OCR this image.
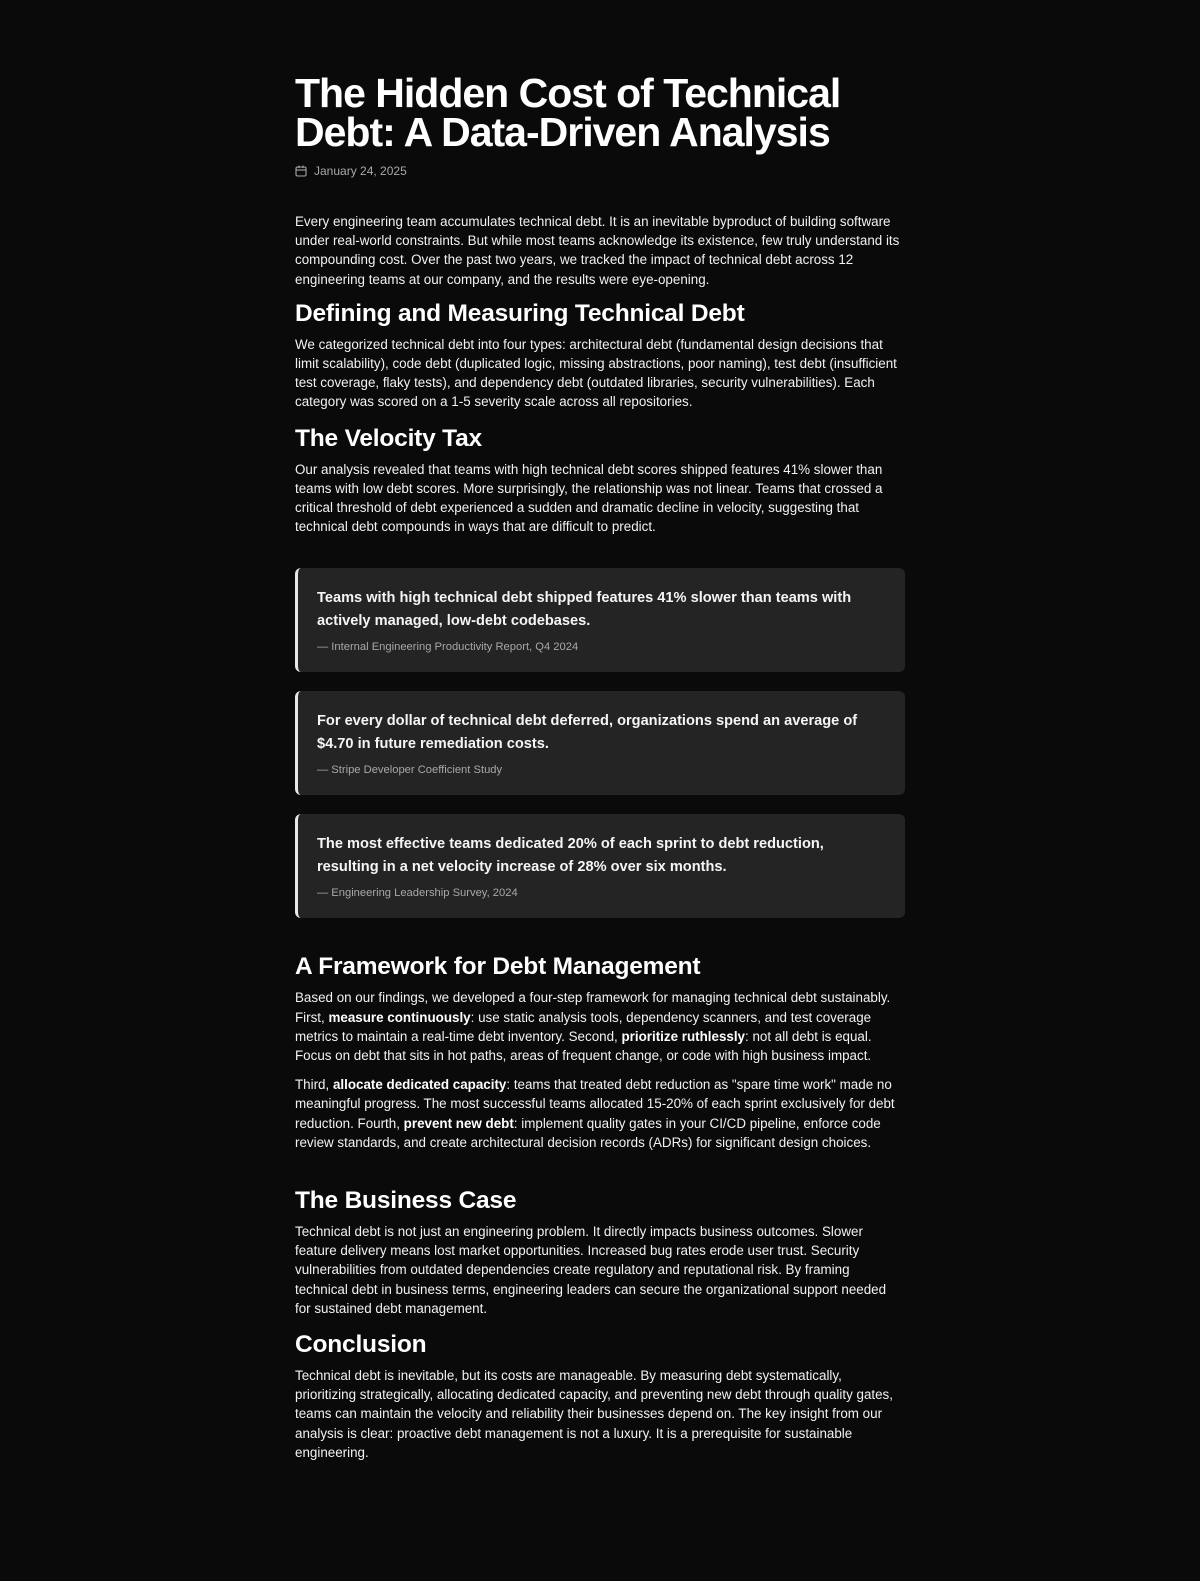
The Hidden Cost of Technical Debt: A Data-Driven Analysis
January 24, 2025

Every engineering team accumulates technical debt. It is an inevitable byproduct of building software under real-world constraints. But while most teams acknowledge its existence, few truly understand its compounding cost. Over the past two years, we tracked the impact of technical debt across 12 engineering teams at our company, and the results were eye-opening.

Defining and Measuring Technical Debt

We categorized technical debt into four types: architectural debt (fundamental design decisions that limit scalability), code debt (duplicated logic, missing abstractions, poor naming), test debt (insufficient test coverage, flaky tests), and dependency debt (outdated libraries, security vulnerabilities). Each category was scored on a 1-5 severity scale across all repositories.

The Velocity Tax

Our analysis revealed that teams with high technical debt scores shipped features 41% slower than teams with low debt scores. More surprisingly, the relationship was not linear. Teams that crossed a critical threshold of debt experienced a sudden and dramatic decline in velocity, suggesting that technical debt compounds in ways that are difficult to predict.

Teams with high technical debt shipped features 41% slower than teams with actively managed, low-debt codebases.
— Internal Engineering Productivity Report, Q4 2024
For every dollar of technical debt deferred, organizations spend an average of $4.70 in future remediation costs.
— Stripe Developer Coefficient Study
The most effective teams dedicated 20% of each sprint to debt reduction, resulting in a net velocity increase of 28% over six months.
— Engineering Leadership Survey, 2024
A Framework for Debt Management

Based on our findings, we developed a four-step framework for managing technical debt sustainably. First, measure continuously: use static analysis tools, dependency scanners, and test coverage metrics to maintain a real-time debt inventory. Second, prioritize ruthlessly: not all debt is equal. Focus on debt that sits in hot paths, areas of frequent change, or code with high business impact.

Third, allocate dedicated capacity: teams that treated debt reduction as "spare time work" made no meaningful progress. The most successful teams allocated 15-20% of each sprint exclusively for debt reduction. Fourth, prevent new debt: implement quality gates in your CI/CD pipeline, enforce code review standards, and create architectural decision records (ADRs) for significant design choices.

The Business Case

Technical debt is not just an engineering problem. It directly impacts business outcomes. Slower feature delivery means lost market opportunities. Increased bug rates erode user trust. Security vulnerabilities from outdated dependencies create regulatory and reputational risk. By framing technical debt in business terms, engineering leaders can secure the organizational support needed for sustained debt management.

Conclusion

Technical debt is inevitable, but its costs are manageable. By measuring debt systematically, prioritizing strategically, allocating dedicated capacity, and preventing new debt through quality gates, teams can maintain the velocity and reliability their businesses depend on. The key insight from our analysis is clear: proactive debt management is not a luxury. It is a prerequisite for sustainable engineering.
